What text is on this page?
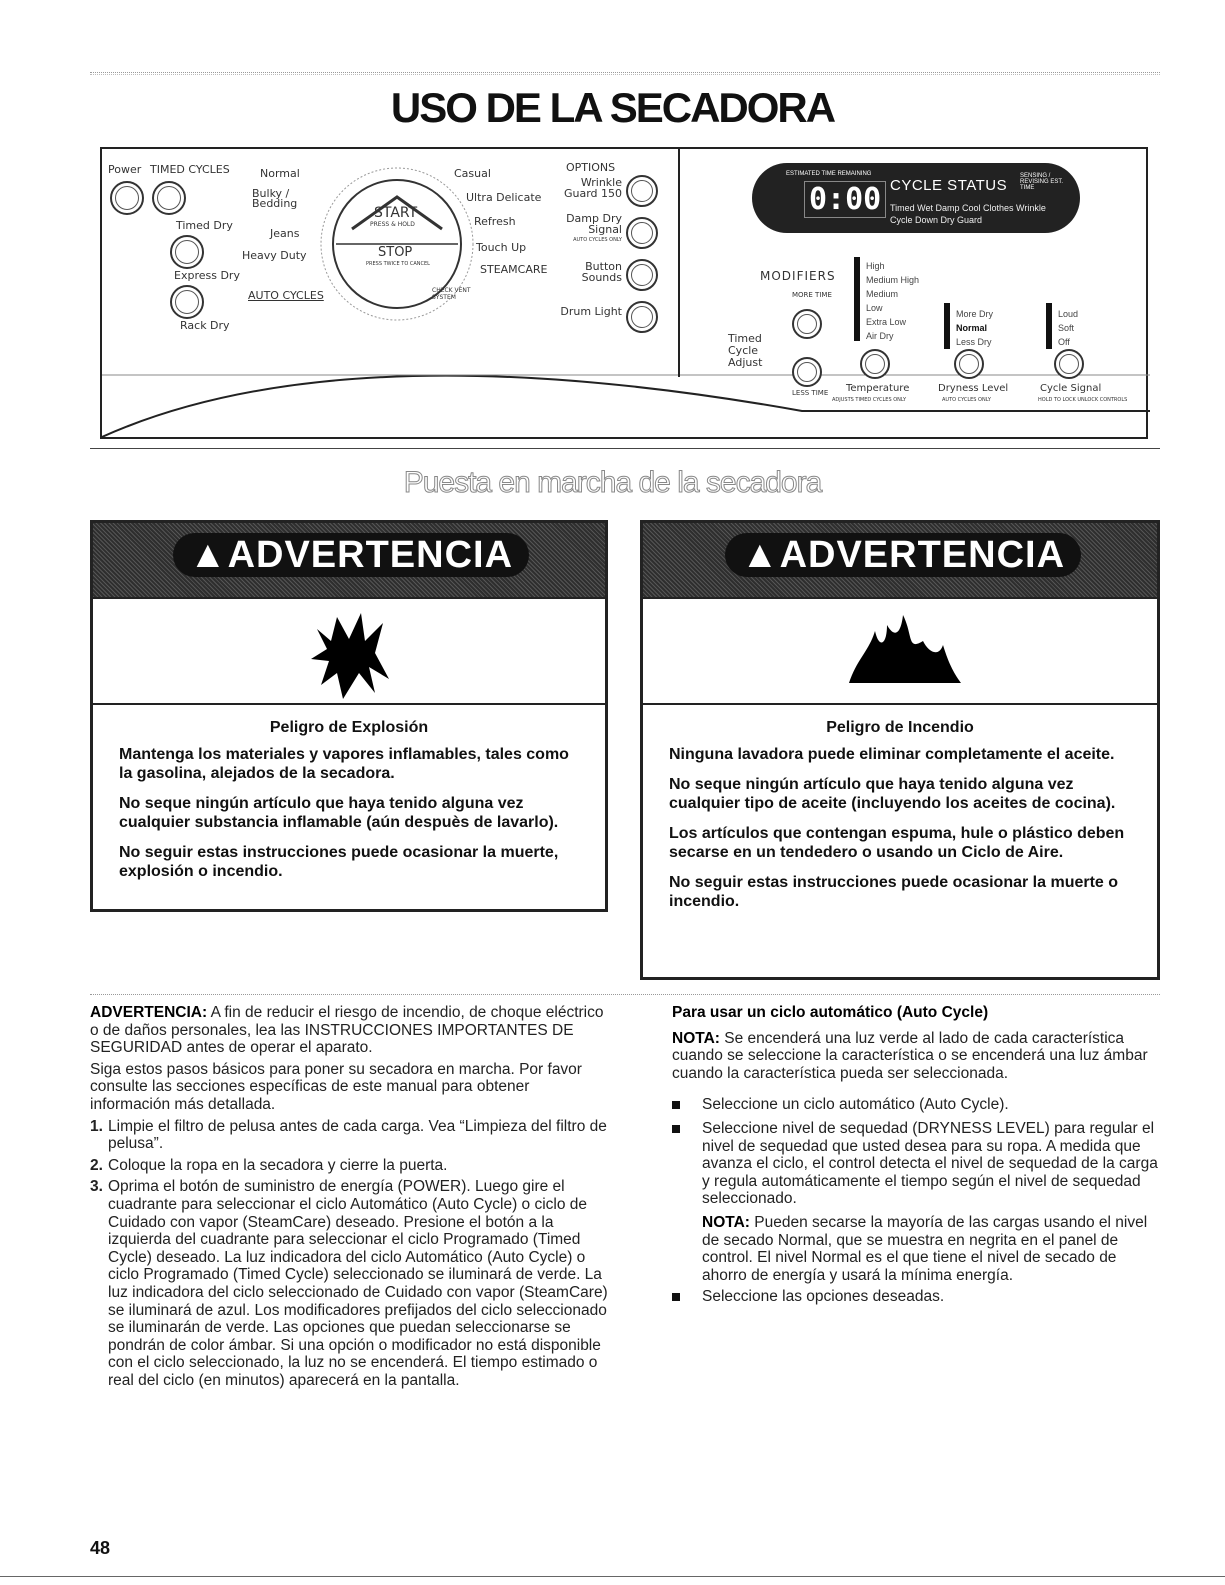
USO DE LA SECADORA
Power TIMED CYCLES
Timed Dry
Express Dry
Rack Dry
Normal
Bulky / Bedding
Jeans
Heavy Duty
AUTO CYCLES
START
PRESS & HOLD
STOP
PRESS TWICE TO CANCEL
Casual
Ultra Delicate
Refresh
Touch Up
STEAMCARE
CHECK VENT SYSTEM
OPTIONS
Wrinkle Guard 150
Damp Dry Signal
AUTO CYCLES ONLY
Button Sounds
Drum Light
ESTIMATED TIME REMAINING
0:00 CYCLE STATUS
SENSING / REVISING EST. TIME
Timed Wet Damp Cool Clothes Wrinkle
Cycle Down Dry Guard
MODIFIERS
MORE TIME
Timed Cycle Adjust
LESS TIME
High
Medium High
Medium
Low
Extra Low
Air Dry
More Dry
Normal
Less Dry
Loud
Soft
Off
Temperature
ADJUSTS TIMED CYCLES ONLY
Dryness Level
AUTO CYCLES ONLY
Cycle Signal
HOLD TO LOCK UNLOCK CONTROLS
Puesta en marcha de la secadora
▲ADVERTENCIA
Peligro de Explosión

Mantenga los materiales y vapores inflamables, tales como la gasolina, alejados de la secadora.

No seque ningún artículo que haya tenido alguna vez cualquier substancia inflamable (aún despuès de lavarlo).

No seguir estas instrucciones puede ocasionar la muerte, explosión o incendio.

▲ADVERTENCIA
Peligro de Incendio

Ninguna lavadora puede eliminar completamente el aceite.

No seque ningún artículo que haya tenido alguna vez cualquier tipo de aceite (incluyendo los aceites de cocina).

Los artículos que contengan espuma, hule o plástico deben secarse en un tendedero o usando un Ciclo de Aire.

No seguir estas instrucciones puede ocasionar la muerte o incendio.

ADVERTENCIA: A fin de reducir el riesgo de incendio, de choque eléctrico o de daños personales, lea las INSTRUCCIONES IMPORTANTES DE SEGURIDAD antes de operar el aparato.

Siga estos pasos básicos para poner su secadora en marcha. Por favor consulte las secciones específicas de este manual para obtener información más detallada.

1. Limpie el filtro de pelusa antes de cada carga. Vea “Limpieza del filtro de pelusa”.
2. Coloque la ropa en la secadora y cierre la puerta.
3. Oprima el botón de suministro de energía (POWER). Luego gire el cuadrante para seleccionar el ciclo Automático (Auto Cycle) o ciclo de Cuidado con vapor (SteamCare) deseado. Presione el botón a la izquierda del cuadrante para seleccionar el ciclo Programado (Timed Cycle) deseado. La luz indicadora del ciclo Automático (Auto Cycle) o ciclo Programado (Timed Cycle) seleccionado se iluminará de verde. La luz indicadora del ciclo seleccionado de Cuidado con vapor (SteamCare) se iluminará de azul. Los modificadores prefijados del ciclo seleccionado se iluminarán de verde. Las opciones que puedan seleccionarse se pondrán de color ámbar. Si una opción o modificador no está disponible con el ciclo seleccionado, la luz no se encenderá. El tiempo estimado o real del ciclo (en minutos) aparecerá en la pantalla.

Para usar un ciclo automático (Auto Cycle)

NOTA: Se encenderá una luz verde al lado de cada característica cuando se seleccione la característica o se encenderá una luz ámbar cuando la característica pueda ser seleccionada.

Seleccione un ciclo automático (Auto Cycle).
Seleccione nivel de sequedad (DRYNESS LEVEL) para regular el nivel de sequedad que usted desea para su ropa. A medida que avanza el ciclo, el control detecta el nivel de sequedad de la carga y regula automáticamente el tiempo según el nivel de sequedad seleccionado.

NOTA: Pueden secarse la mayoría de las cargas usando el nivel de secado Normal, que se muestra en negrita en el panel de control. El nivel Normal es el que tiene el nivel de secado de ahorro de energía y usará la mínima energía.

Seleccione las opciones deseadas.
48
